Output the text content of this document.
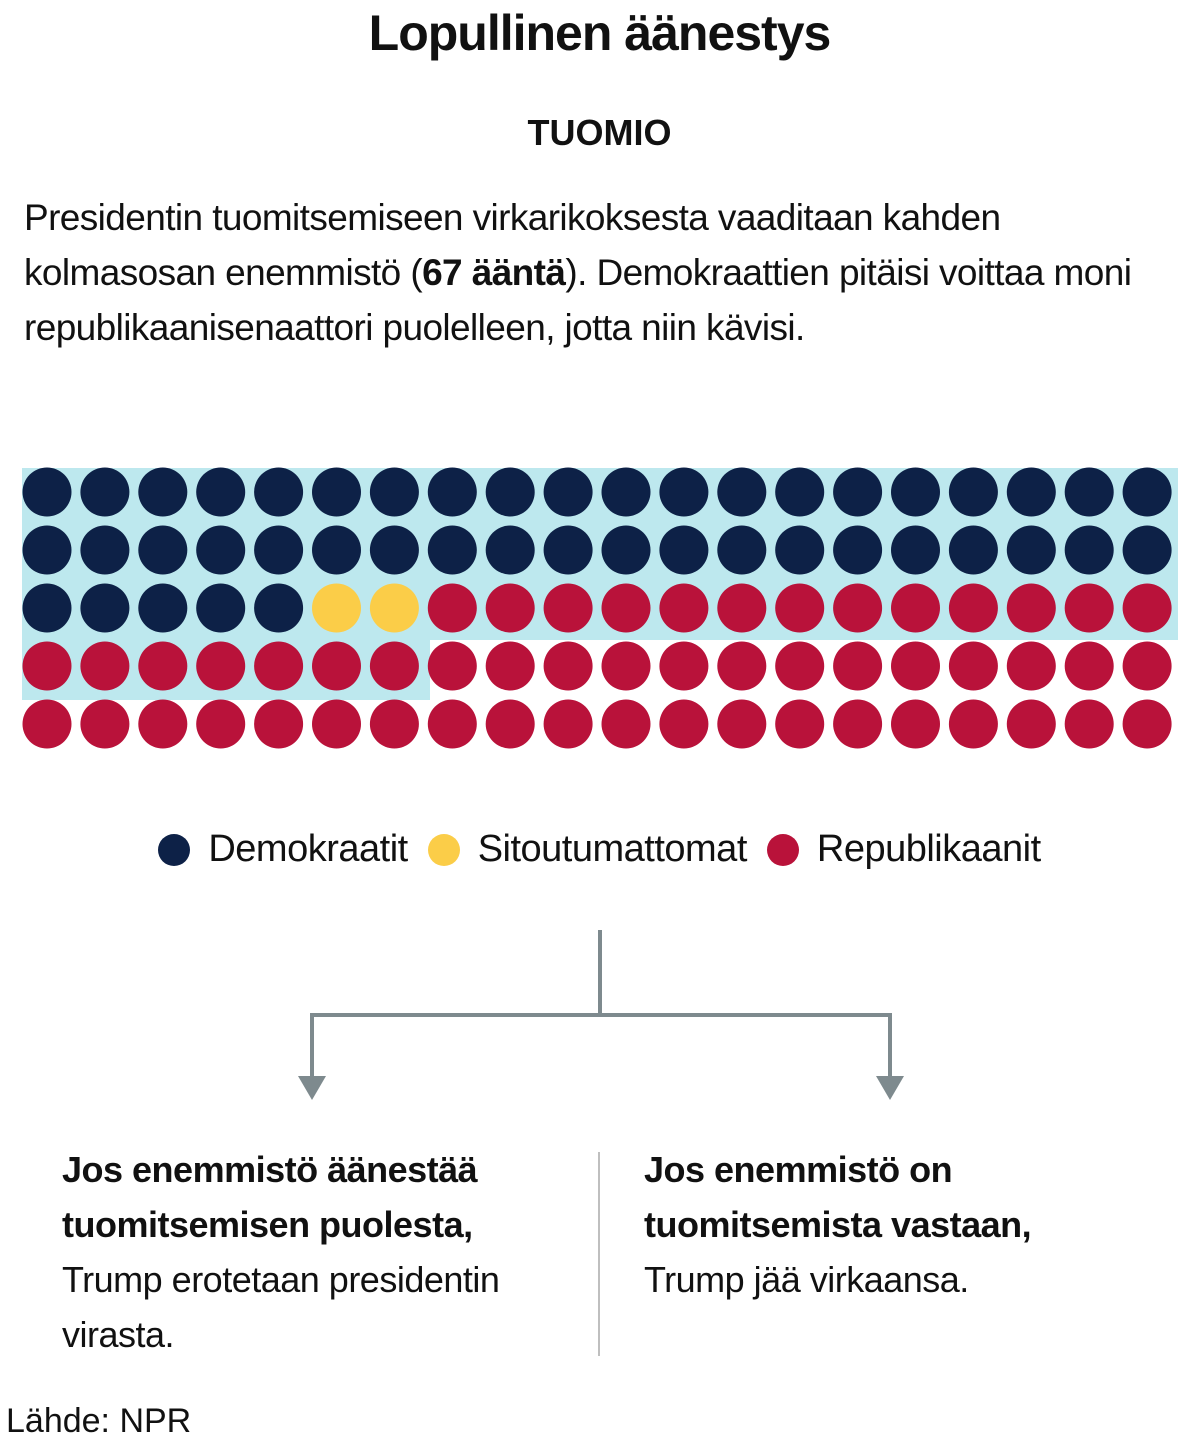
Lopullinen äänestys
TUOMIO
Presidentin tuomitsemiseen virkarikoksesta vaaditaan kahden kolmasosan enemmistö (67 ääntä). Demokraattien pitäisi voittaa moni republikaanisenaattori puolelleen, jotta niin kävisi.
Demokraatit Sitoutumattomat Republikaanit
Jos enemmistö äänestää tuomitsemisen puolesta,
Trump erotetaan presidentin virasta.
Jos enemmistö on tuomitsemista vastaan,
Trump jää virkaansa.
Lähde: NPR
